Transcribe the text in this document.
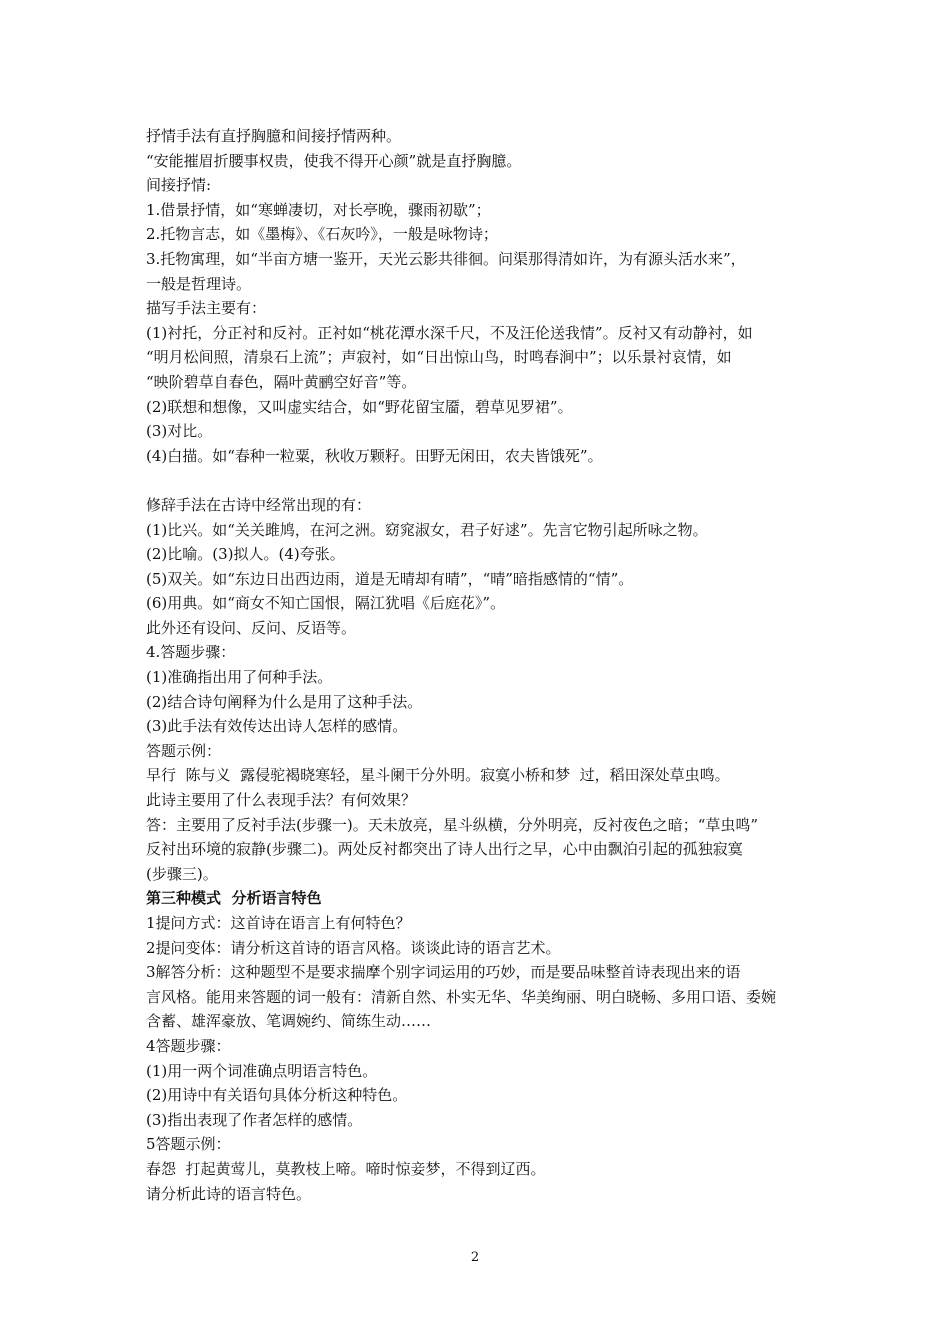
抒情手法有直抒胸臆和间接抒情两种。
“安能摧眉折腰事权贵，使我不得开心颜”就是直抒胸臆。
间接抒情:
1.借景抒情，如“寒蝉凄切，对长亭晚，骤雨初歇”；
2.托物言志，如《墨梅》、《石灰吟》，一般是咏物诗；
3.托物寓理，如“半亩方塘一鉴开，天光云影共徘徊。问渠那得清如许，为有源头活水来”，
一般是哲理诗。
描写手法主要有：
(1)衬托，分正衬和反衬。正衬如“桃花潭水深千尺，不及汪伦送我情”。反衬又有动静衬，如
“明月松间照，清泉石上流”；声寂衬，如“日出惊山鸟，时鸣春涧中”；以乐景衬哀情，如
“映阶碧草自春色，隔叶黄鹂空好音”等。
(2)联想和想像，又叫虚实结合，如“野花留宝靥，碧草见罗裙”。
(3)对比。
(4)白描。如“春种一粒粟，秋收万颗籽。田野无闲田，农夫皆饿死”。
修辞手法在古诗中经常出现的有：
(1)比兴。如“关关雎鸠，在河之洲。窈窕淑女，君子好逑”。先言它物引起所咏之物。
(2)比喻。(3)拟人。(4)夸张。
(5)双关。如“东边日出西边雨，道是无晴却有晴”，“晴”暗指感情的“情”。
(6)用典。如“商女不知亡国恨，隔江犹唱《后庭花》”。
此外还有设问、反问、反语等。
4.答题步骤：
(1)准确指出用了何种手法。
(2)结合诗句阐释为什么是用了这种手法。
(3)此手法有效传达出诗人怎样的感情。
答题示例：
早行  陈与义  露侵驼褐晓寒轻，星斗阑干分外明。寂寞小桥和梦  过，稻田深处草虫鸣。
此诗主要用了什么表现手法？有何效果？
答：主要用了反衬手法(步骤一)。天未放亮，星斗纵横，分外明亮，反衬夜色之暗；“草虫鸣”
反衬出环境的寂静(步骤二)。两处反衬都突出了诗人出行之早，心中由飘泊引起的孤独寂寞
(步骤三)。
第三种模式  分析语言特色
1提问方式：这首诗在语言上有何特色？
2提问变体：请分析这首诗的语言风格。谈谈此诗的语言艺术。
3解答分析：这种题型不是要求揣摩个别字词运用的巧妙，而是要品味整首诗表现出来的语
言风格。能用来答题的词一般有：清新自然、朴实无华、华美绚丽、明白晓畅、多用口语、委婉
含蓄、雄浑豪放、笔调婉约、简练生动……
4答题步骤：
(1)用一两个词准确点明语言特色。
(2)用诗中有关语句具体分析这种特色。
(3)指出表现了作者怎样的感情。
5答题示例：
春怨  打起黄莺儿，莫教枝上啼。啼时惊妾梦，不得到辽西。
请分析此诗的语言特色。
2
